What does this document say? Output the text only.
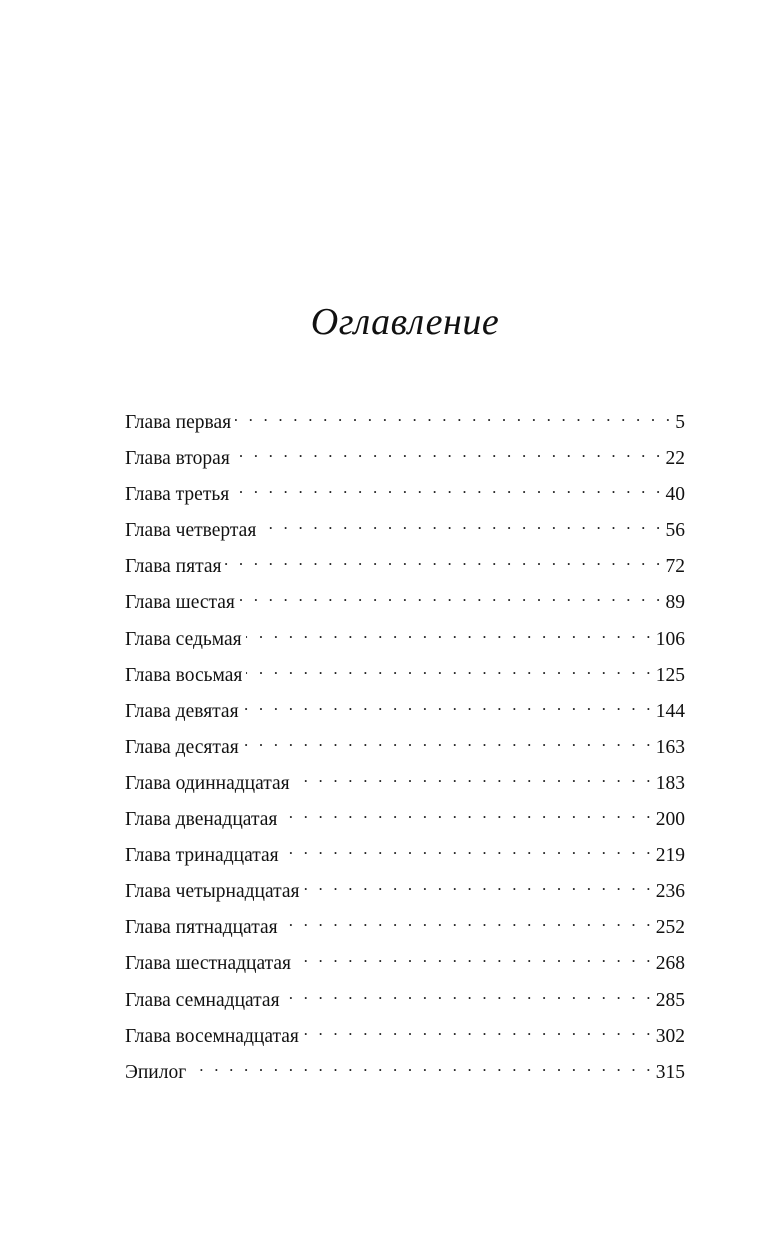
Оглавление
Глава первая . . .	5
Глава вторая . . .	22
Глава третья . . .	40
Глава четвертая . . .	56
Глава пятая . . .	72
Глава шестая . . .	89
Глава седьмая . . .	106
Глава восьмая . . .	125
Глава девятая . . .	144
Глава десятая . . .	163
Глава одиннадцатая . . .	183
Глава двенадцатая . . .	200
Глава тринадцатая . . .	219
Глава четырнадцатая . . .	236
Глава пятнадцатая . . .	252
Глава шестнадцатая . . .	268
Глава семнадцатая . . .	285
Глава восемнадцатая . . .	302
Эпилог . . .	315
